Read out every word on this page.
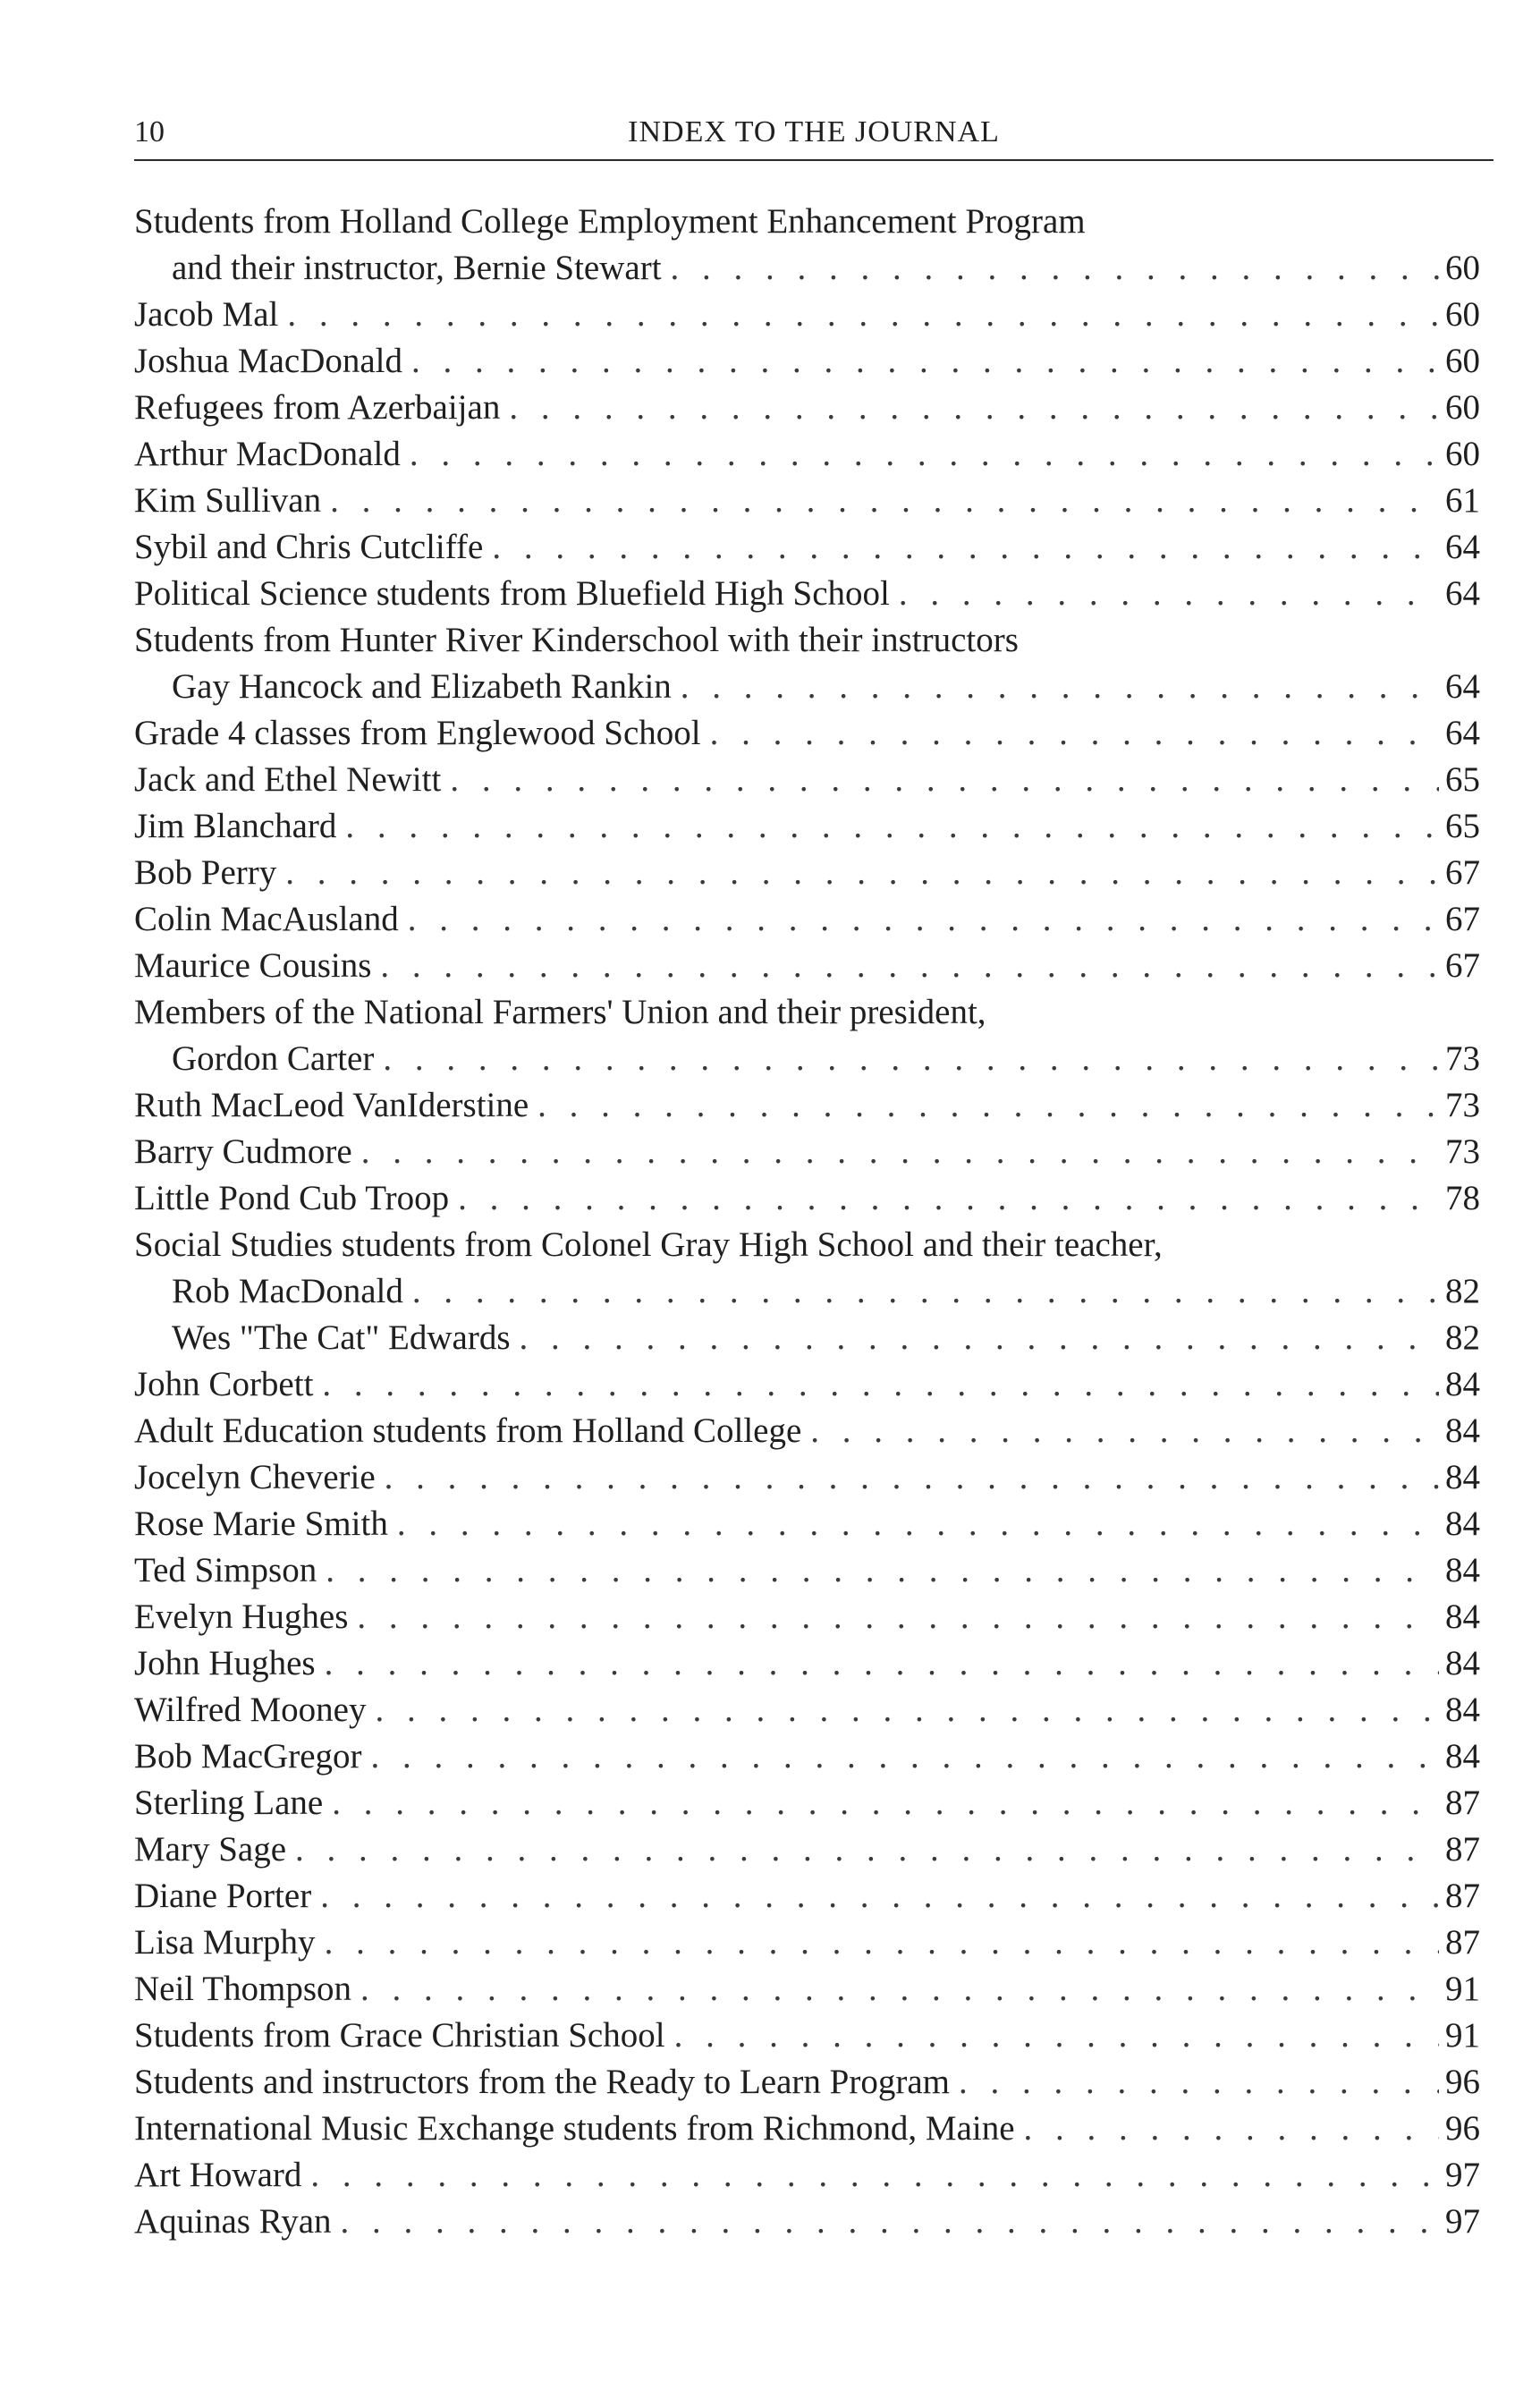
10	INDEX TO THE JOURNAL
Students from Holland College Employment Enhancement Program
and their instructor, Bernie Stewart . . .	60
Jacob Mal . . .	60
Joshua MacDonald . . .	60
Refugees from Azerbaijan . . .	60
Arthur MacDonald . . .	60
Kim Sullivan . . .	61
Sybil and Chris Cutcliffe . . .	64
Political Science students from Bluefield High School . . .	64
Students from Hunter River Kinderschool with their instructors
Gay Hancock and Elizabeth Rankin . . .	64
Grade 4 classes from Englewood School . . .	64
Jack and Ethel Newitt . . .	65
Jim Blanchard . . .	65
Bob Perry . . .	67
Colin MacAusland . . .	67
Maurice Cousins . . .	67
Members of the National Farmers' Union and their president,
Gordon Carter . . .	73
Ruth MacLeod VanIderstine . . .	73
Barry Cudmore . . .	73
Little Pond Cub Troop . . .	78
Social Studies students from Colonel Gray High School and their teacher,
Rob MacDonald . . .	82
Wes "The Cat" Edwards . . .	82
John Corbett . . .	84
Adult Education students from Holland College . . .	84
Jocelyn Cheverie . . .	84
Rose Marie Smith . . .	84
Ted Simpson . . .	84
Evelyn Hughes . . .	84
John Hughes . . .	84
Wilfred Mooney . . .	84
Bob MacGregor . . .	84
Sterling Lane . . .	87
Mary Sage . . .	87
Diane Porter . . .	87
Lisa Murphy . . .	87
Neil Thompson . . .	91
Students from Grace Christian School . . .	91
Students and instructors from the Ready to Learn Program . . .	96
International Music Exchange students from Richmond, Maine . . .	96
Art Howard . . .	97
Aquinas Ryan . . .	97
